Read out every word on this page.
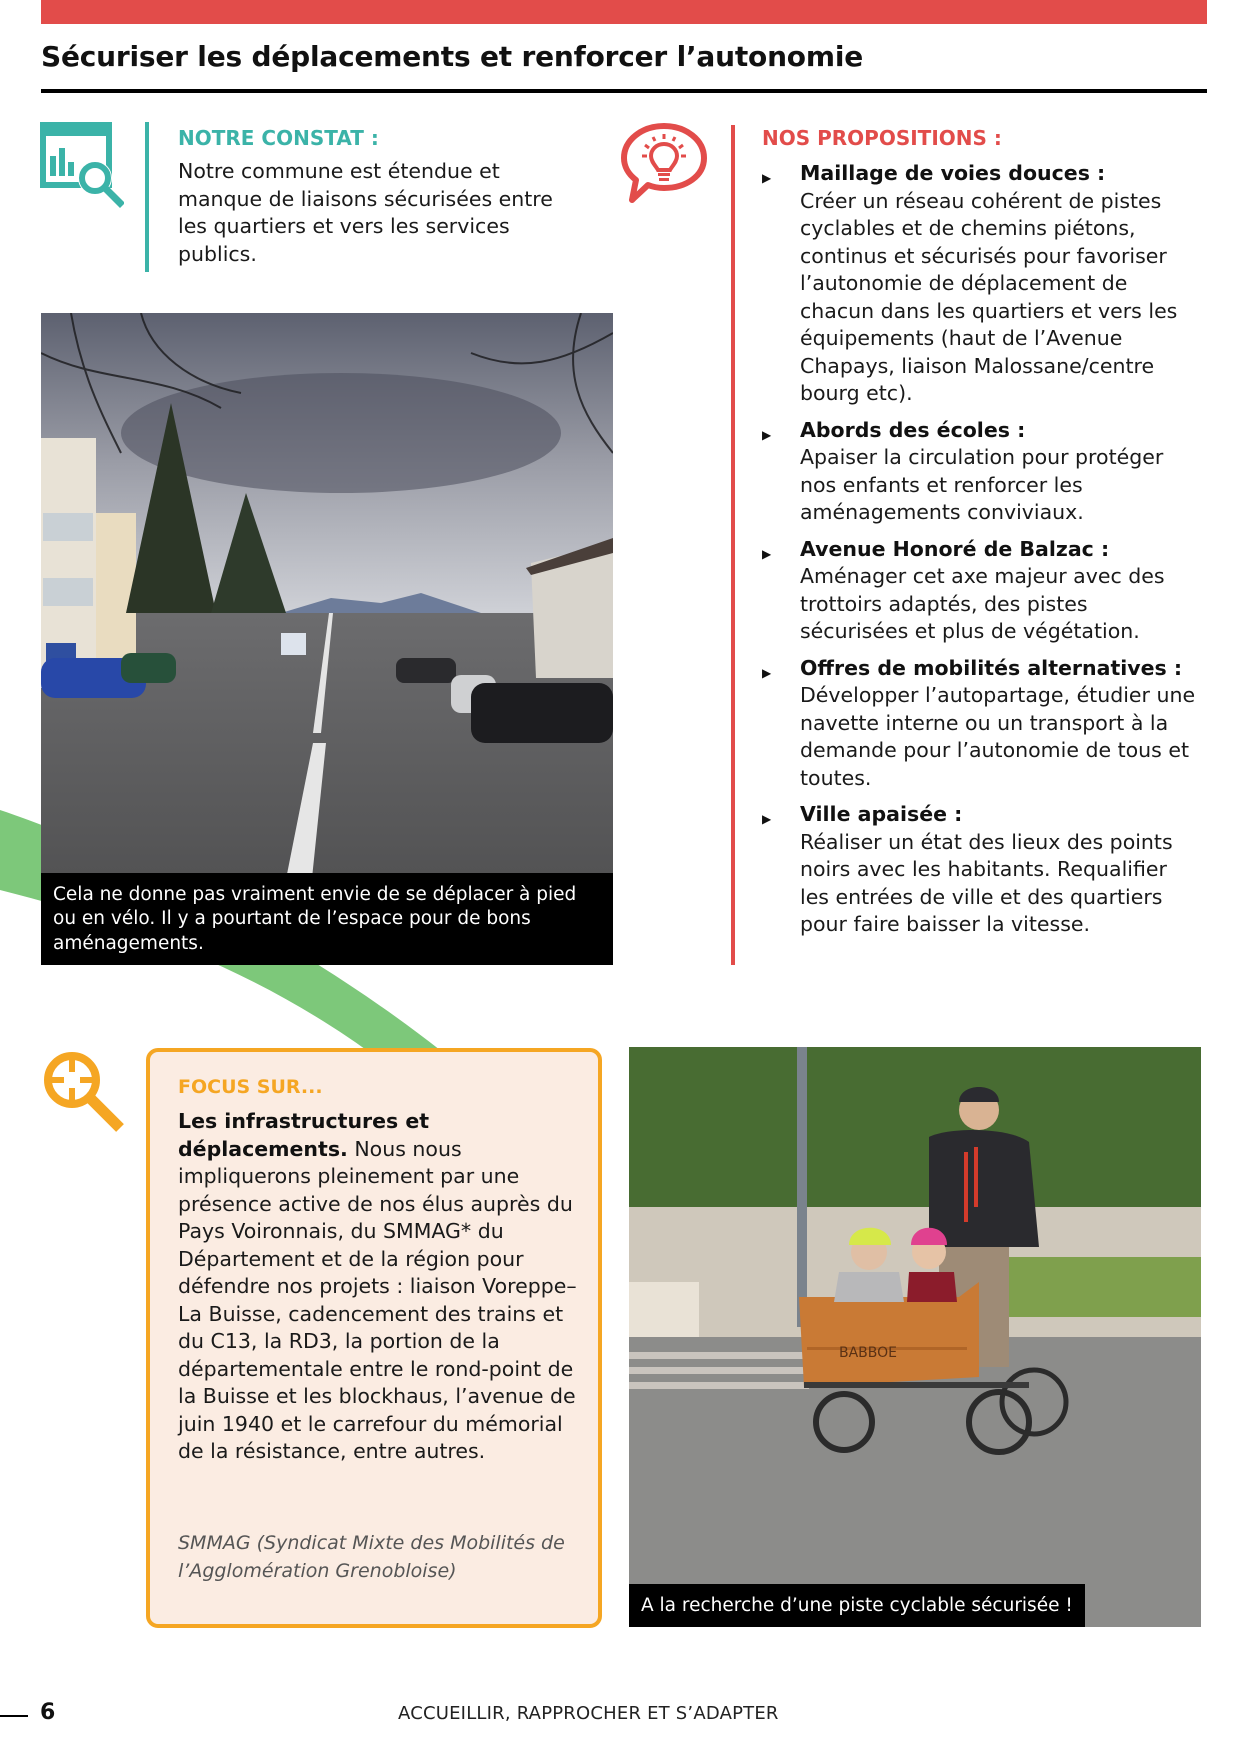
Sécuriser les déplacements et renforcer l’autonomie
NOTRE CONSTAT :

Notre commune est étendue et manque de liaisons sécurisées entre les quartiers et vers les services publics.

NOS PROPOSITIONS :
▶ Maillage de voies douces :
Créer un réseau cohérent de pistes cyclables et de chemins piétons, continus et sécurisés pour favoriser l’autonomie de déplacement de chacun dans les quartiers et vers les équipements (haut de l’Avenue Chapays, liaison Malossane/centre bourg etc).
▶ Abords des écoles :
Apaiser la circulation pour protéger nos enfants et renforcer les aménagements conviviaux.
▶ Avenue Honoré de Balzac :
Aménager cet axe majeur avec des trottoirs adaptés, des pistes sécurisées et plus de végétation.
▶ Offres de mobilités alternatives :
Développer l’autopartage, étudier une navette interne ou un transport à la demande pour l’autonomie de tous et toutes.
▶ Ville apaisée :
Réaliser un état des lieux des points noirs avec les habitants. Requalifier les entrées de ville et des quartiers pour faire baisser la vitesse.
Cela ne donne pas vraiment envie de se déplacer à pied ou en vélo. Il y a pourtant de l’espace pour de bons aménagements.
FOCUS SUR...

Les infrastructures et déplacements. Nous nous impliquerons pleinement par une présence active de nos élus auprès du Pays Voironnais, du SMMAG* du Département et de la région pour défendre nos projets : liaison Voreppe–La Buisse, cadencement des trains et du C13, la RD3, la portion de la départementale entre le rond-point de la Buisse et les blockhaus, l’avenue de juin 1940 et le carrefour du mémorial de la résistance, entre autres.

SMMAG (Syndicat Mixte des Mobilités de l’Agglomération Grenobloise)

BABBOE
A la recherche d’une piste cyclable sécurisée !
6	ACCUEILLIR, RAPPROCHER ET S’ADAPTER
